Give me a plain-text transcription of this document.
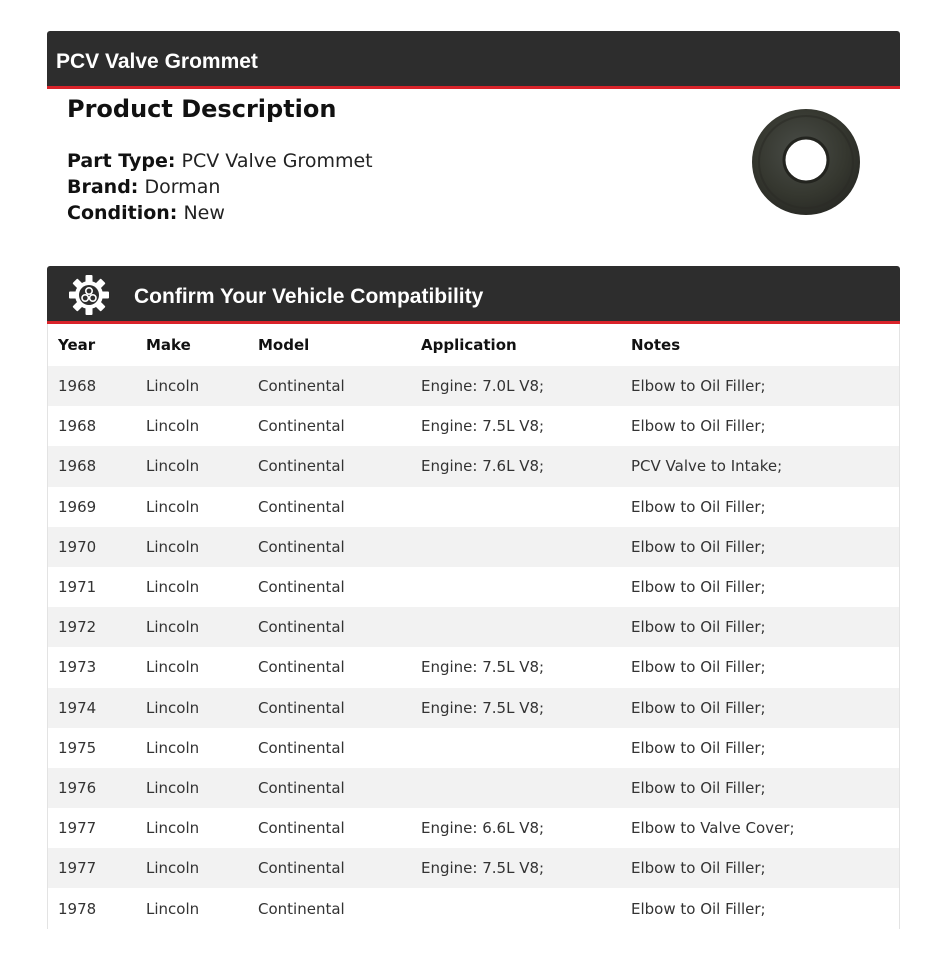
PCV Valve Grommet
Product Description
Part Type: PCV Valve Grommet
Brand: Dorman
Condition: New
Confirm Your Vehicle Compatibility
Year	Make	Model	Application	Notes
1968	Lincoln	Continental	Engine: 7.0L V8;	Elbow to Oil Filler;
1968	Lincoln	Continental	Engine: 7.5L V8;	Elbow to Oil Filler;
1968	Lincoln	Continental	Engine: 7.6L V8;	PCV Valve to Intake;
1969	Lincoln	Continental		Elbow to Oil Filler;
1970	Lincoln	Continental		Elbow to Oil Filler;
1971	Lincoln	Continental		Elbow to Oil Filler;
1972	Lincoln	Continental		Elbow to Oil Filler;
1973	Lincoln	Continental	Engine: 7.5L V8;	Elbow to Oil Filler;
1974	Lincoln	Continental	Engine: 7.5L V8;	Elbow to Oil Filler;
1975	Lincoln	Continental		Elbow to Oil Filler;
1976	Lincoln	Continental		Elbow to Oil Filler;
1977	Lincoln	Continental	Engine: 6.6L V8;	Elbow to Valve Cover;
1977	Lincoln	Continental	Engine: 7.5L V8;	Elbow to Oil Filler;
1978	Lincoln	Continental		Elbow to Oil Filler;
